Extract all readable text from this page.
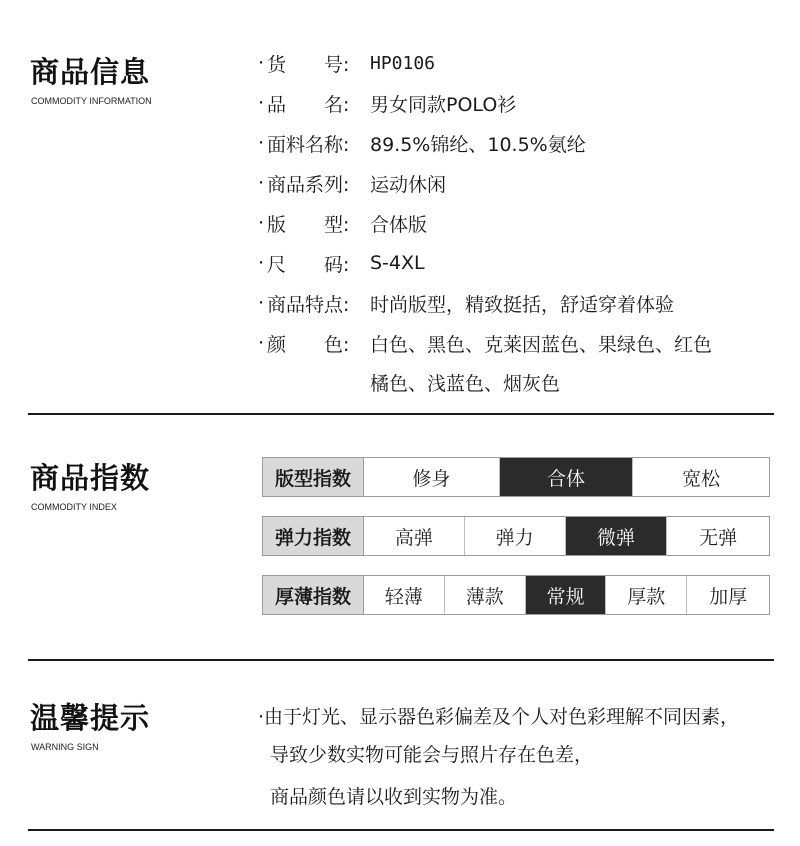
商品信息
COMMODITY INFORMATION
· 货　　号: HP0106
· 品　　名: 男女同款POLO衫
· 面料名称: 89.5%锦纶、10.5%氨纶
· 商品系列: 运动休闲
· 版　　型: 合体版
· 尺　　码: S-4XL
· 商品特点: 时尚版型，精致挺括，舒适穿着体验
· 颜　　色: 白色、黑色、克莱因蓝色、果绿色、红色
橘色、浅蓝色、烟灰色
商品指数
COMMODITY INDEX
版型指数	修身	合体	宽松
弹力指数	高弹	弹力	微弹	无弹
厚薄指数	轻薄	薄款	常规	厚款	加厚
温馨提示
WARNING SIGN
·由于灯光、显示器色彩偏差及个人对色彩理解不同因素，
导致少数实物可能会与照片存在色差，
商品颜色请以收到实物为准。
